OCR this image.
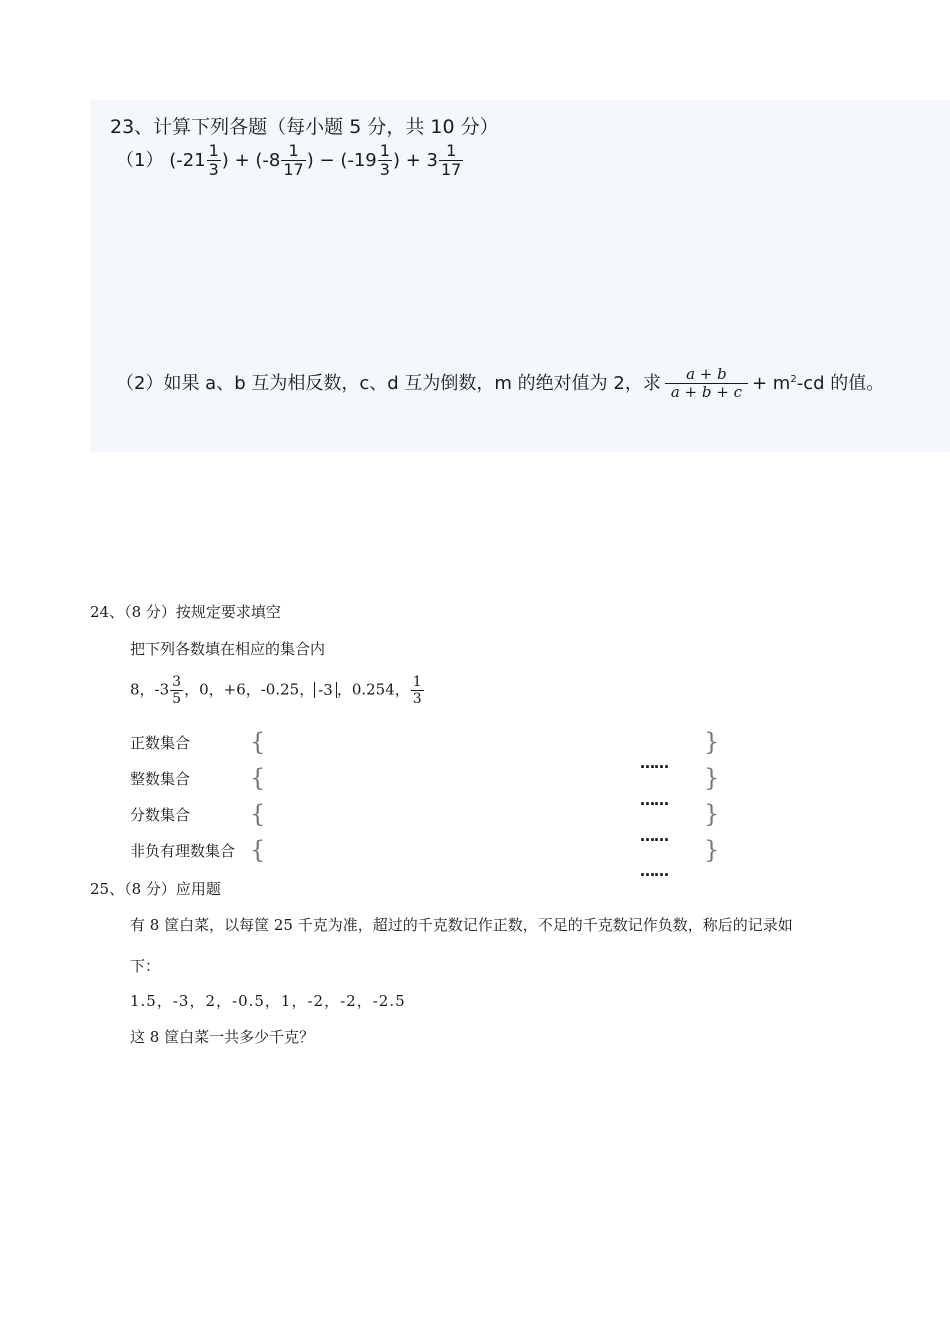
23、计算下列各题（每小题 5 分，共 10 分）
（1） ($-21 \frac{1}{3}$ ) + ($-8 \frac{1}{17}$ ) − ($-19 \frac{1}{3}$ ) + $3 \frac{1}{17}$
（2）如果 a、b 互为相反数，c、d 互为倒数，m 的绝对值为 2，求 $\frac{a + b}{a + b + c} + m^2-cd$ 的值。
24、（8 分）按规定要求填空
把下列各数填在相应的集合内
8，$-3 \frac{3}{5}$ ，0，+6，-0.25， -3 ，0.254， $\frac{1}{3}$
正数集合 {	}
整数集合 {	}
分数集合 {	}
非负有理数集合 {	}
……
……
……
……
25、（8 分）应用题
有 8 筐白菜，以每筐 25 千克为准，超过的千克数记作正数，不足的千克数记作负数，称后的记录如
下：
1.5，-3，2，-0.5，1，-2，-2，-2.5
这 8 筐白菜一共多少千克？
